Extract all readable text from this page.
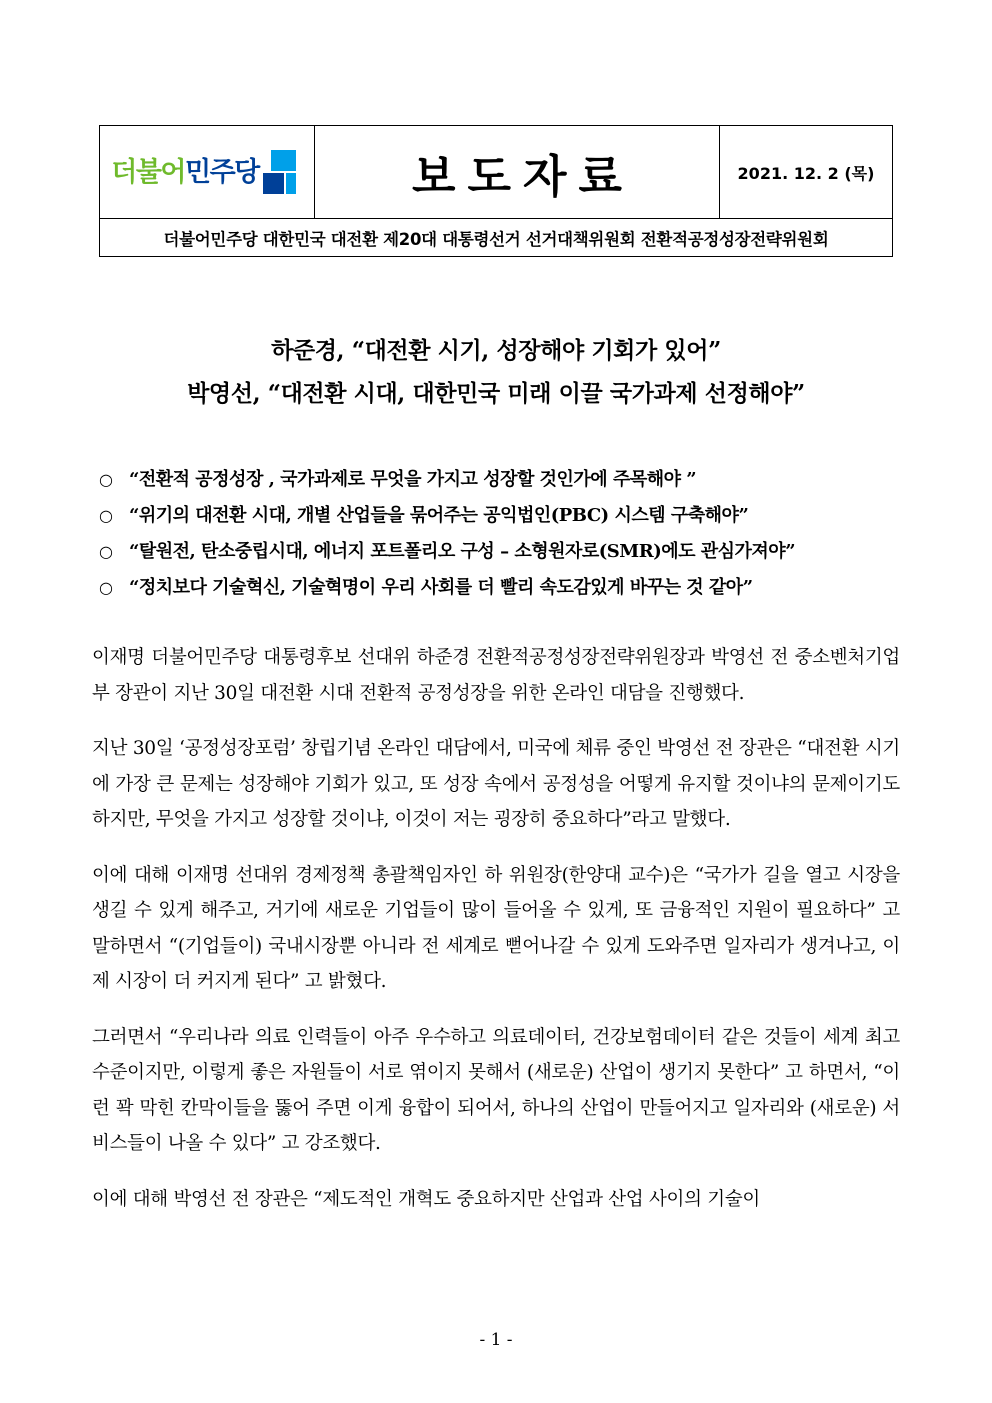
더불어민주당	보도자료	2021. 12. 2 (목)
더불어민주당 대한민국 대전환 제20대 대통령선거 선거대책위원회 전환적공정성장전략위원회
하준경, “대전환 시기, 성장해야 기회가 있어”
박영선, “대전환 시대, 대한민국 미래 이끌 국가과제 선정해야”
○ “전환적 공정성장 , 국가과제로 무엇을 가지고 성장할 것인가에 주목해야 ”
○ “위기의 대전환 시대, 개별 산업들을 묶어주는 공익법인(PBC) 시스템 구축해야”
○ “탈원전, 탄소중립시대, 에너지 포트폴리오 구성 – 소형원자로(SMR)에도 관심가져야”
○ “정치보다 기술혁신, 기술혁명이 우리 사회를 더 빨리 속도감있게 바꾸는 것 같아”

이재명 더불어민주당 대통령후보 선대위 하준경 전환적공정성장전략위원장과 박영선 전 중소벤처기업부 장관이 지난 30일 대전환 시대 전환적 공정성장을 위한 온라인 대담을 진행했다.

지난 30일 ‘공정성장포럼’ 창립기념 온라인 대담에서, 미국에 체류 중인 박영선 전 장관은 “대전환 시기에 가장 큰 문제는 성장해야 기회가 있고, 또 성장 속에서 공정성을 어떻게 유지할 것이냐의 문제이기도 하지만, 무엇을 가지고 성장할 것이냐, 이것이 저는 굉장히 중요하다”라고 말했다.

이에 대해 이재명 선대위 경제정책 총괄책임자인 하 위원장(한양대 교수)은 “국가가 길을 열고 시장을 생길 수 있게 해주고, 거기에 새로운 기업들이 많이 들어올 수 있게, 또 금융적인 지원이 필요하다” 고 말하면서 “(기업들이) 국내시장뿐 아니라 전 세계로 뻗어나갈 수 있게 도와주면 일자리가 생겨나고, 이제 시장이 더 커지게 된다” 고 밝혔다.

그러면서 “우리나라 의료 인력들이 아주 우수하고 의료데이터, 건강보험데이터 같은 것들이 세계 최고 수준이지만, 이렇게 좋은 자원들이 서로 엮이지 못해서 (새로운) 산업이 생기지 못한다” 고 하면서, “이런 꽉 막힌 칸막이들을 뚫어 주면 이게 융합이 되어서, 하나의 산업이 만들어지고 일자리와 (새로운) 서비스들이 나올 수 있다” 고 강조했다.

이에 대해 박영선 전 장관은 “제도적인 개혁도 중요하지만 산업과 산업 사이의 기술이

- 1 -
